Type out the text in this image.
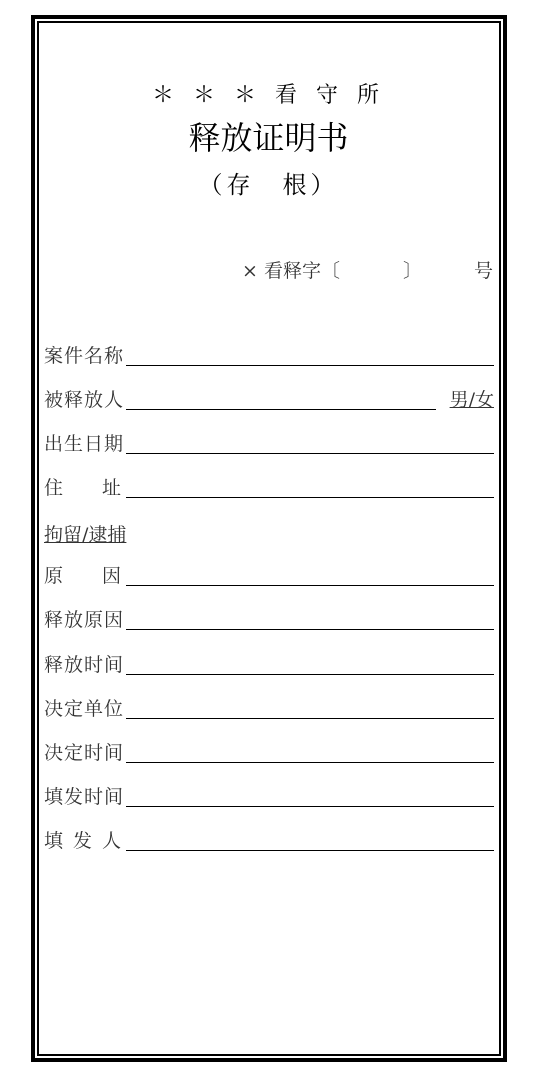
＊ ＊ ＊ 看 守 所
释放证明书
（存　根）
× 看释字〔	〕	号
案件名称
被释放人	男/女
出生日期
住 址
拘留/逮捕
原 因
释放原因
释放时间
决定单位
决定时间
填发时间
填 发 人
